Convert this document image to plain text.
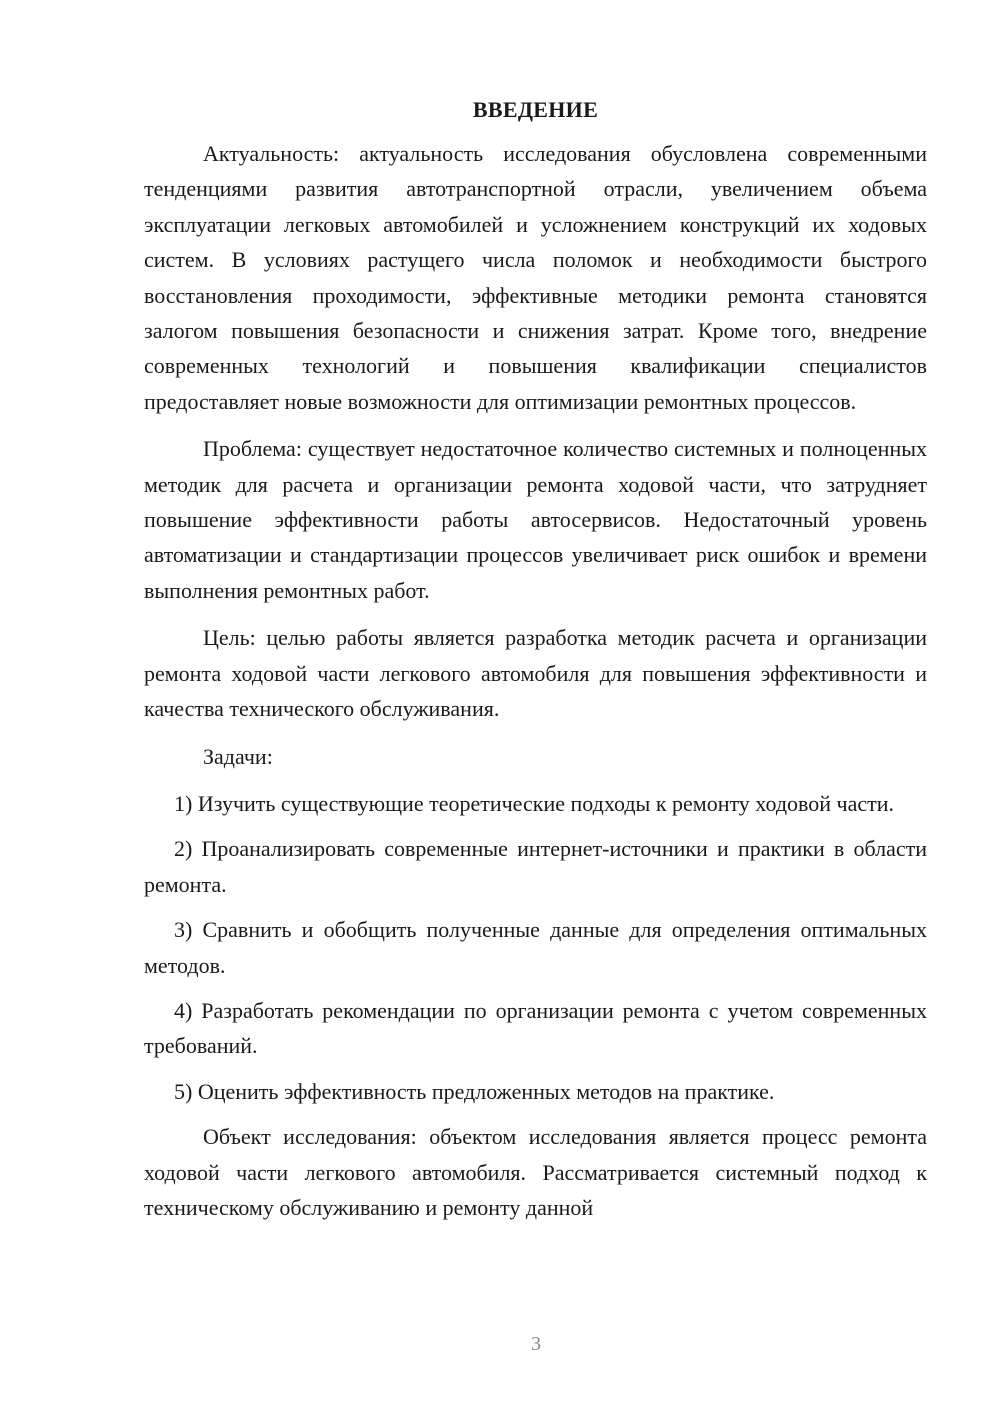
ВВЕДЕНИЕ

Актуальность: актуальность исследования обусловлена современными тенденциями развития автотранспортной отрасли, увеличением объема эксплуатации легковых автомобилей и усложнением конструкций их ходовых систем. В условиях растущего числа поломок и необходимости быстрого восстановления проходимости, эффективные методики ремонта становятся залогом повышения безопасности и снижения затрат. Кроме того, внедрение современных технологий и повышения квалификации специалистов предоставляет новые возможности для оптимизации ремонтных процессов.

Проблема: существует недостаточное количество системных и полноценных методик для расчета и организации ремонта ходовой части, что затрудняет повышение эффективности работы автосервисов. Недостаточный уровень автоматизации и стандартизации процессов увеличивает риск ошибок и времени выполнения ремонтных работ.

Цель: целью работы является разработка методик расчета и организации ремонта ходовой части легкового автомобиля для повышения эффективности и качества технического обслуживания.

Задачи:

1) Изучить существующие теоретические подходы к ремонту ходовой части.

2) Проанализировать современные интернет-источники и практики в области ремонта.

3) Сравнить и обобщить полученные данные для определения оптимальных методов.

4) Разработать рекомендации по организации ремонта с учетом современных требований.

5) Оценить эффективность предложенных методов на практике.

Объект исследования: объектом исследования является процесс ремонта ходовой части легкового автомобиля. Рассматривается системный подход к техническому обслуживанию и ремонту данной

3
